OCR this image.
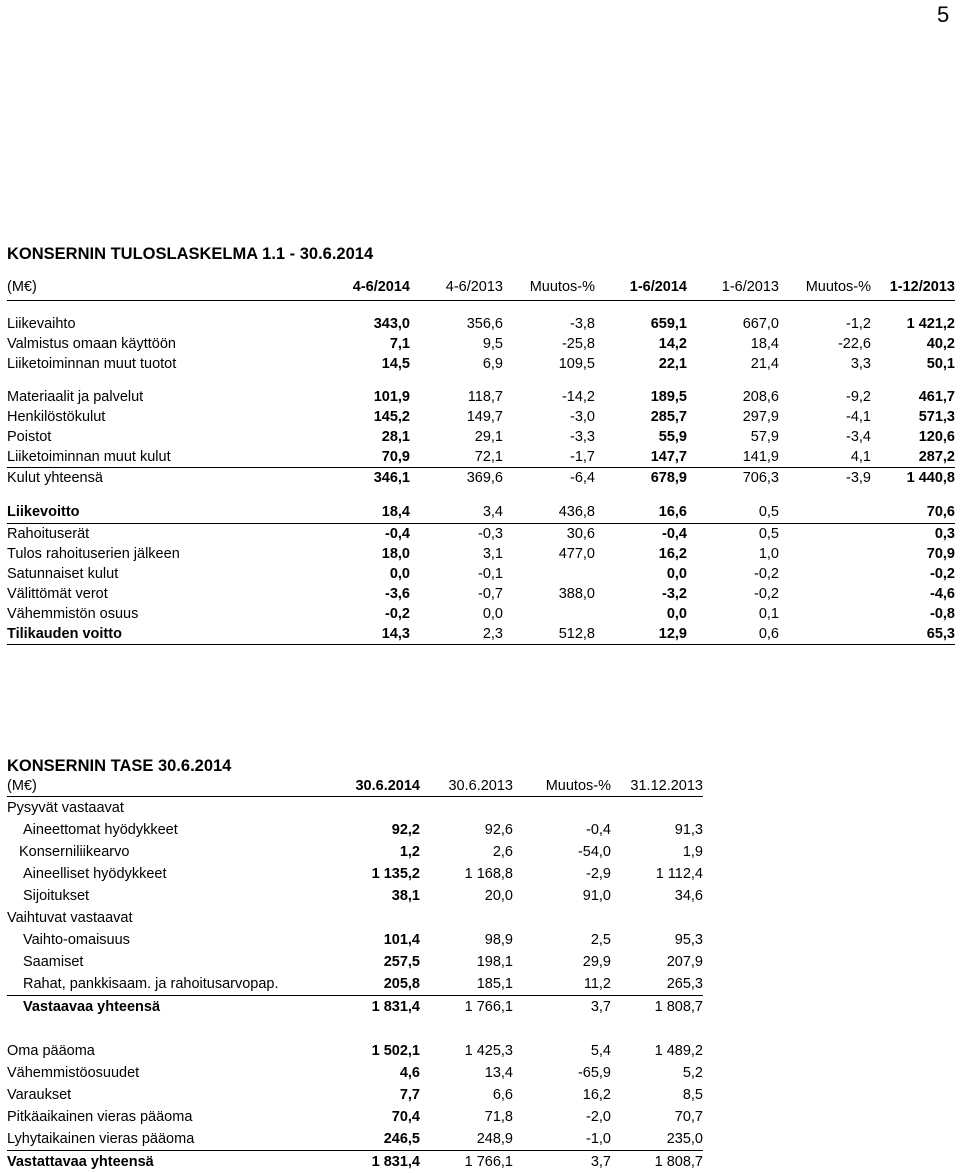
5
KONSERNIN TULOSLASKELMA 1.1 - 30.6.2014
(M€)	4-6/2014	4-6/2013	Muutos-%	1-6/2014	1-6/2013	Muutos-%	1-12/2013

Liikevaihto	343,0	356,6	-3,8	659,1	667,0	-1,2	1 421,2
Valmistus omaan käyttöön	7,1	9,5	-25,8	14,2	18,4	-22,6	40,2
Liiketoiminnan muut tuotot	14,5	6,9	109,5	22,1	21,4	3,3	50,1

Materiaalit ja palvelut	101,9	118,7	-14,2	189,5	208,6	-9,2	461,7
Henkilöstökulut	145,2	149,7	-3,0	285,7	297,9	-4,1	571,3
Poistot	28,1	29,1	-3,3	55,9	57,9	-3,4	120,6
Liiketoiminnan muut kulut	70,9	72,1	-1,7	147,7	141,9	4,1	287,2
Kulut yhteensä	346,1	369,6	-6,4	678,9	706,3	-3,9	1 440,8

Liikevoitto	18,4	3,4	436,8	16,6	0,5		70,6
Rahoituserät	-0,4	-0,3	30,6	-0,4	0,5		0,3
Tulos rahoituserien jälkeen	18,0	3,1	477,0	16,2	1,0		70,9
Satunnaiset kulut	0,0	-0,1		0,0	-0,2		-0,2
Välittömät verot	-3,6	-0,7	388,0	-3,2	-0,2		-4,6
Vähemmistön osuus	-0,2	0,0		0,0	0,1		-0,8
Tilikauden voitto	14,3	2,3	512,8	12,9	0,6		65,3
KONSERNIN TASE 30.6.2014
(M€)	30.6.2014	30.6.2013	Muutos-%	31.12.2013
Pysyvät vastaavat				
Aineettomat hyödykkeet	92,2	92,6	-0,4	91,3
Konserniliikearvo	1,2	2,6	-54,0	1,9
Aineelliset hyödykkeet	1 135,2	1 168,8	-2,9	1 112,4
Sijoitukset	38,1	20,0	91,0	34,6
Vaihtuvat vastaavat				
Vaihto-omaisuus	101,4	98,9	2,5	95,3
Saamiset	257,5	198,1	29,9	207,9
Rahat, pankkisaam. ja rahoitusarvopap.	205,8	185,1	11,2	265,3
Vastaavaa yhteensä	1 831,4	1 766,1	3,7	1 808,7

Oma pääoma	1 502,1	1 425,3	5,4	1 489,2
Vähemmistöosuudet	4,6	13,4	-65,9	5,2
Varaukset	7,7	6,6	16,2	8,5
Pitkäaikainen vieras pääoma	70,4	71,8	-2,0	70,7
Lyhytaikainen vieras pääoma	246,5	248,9	-1,0	235,0
Vastattavaa yhteensä	1 831,4	1 766,1	3,7	1 808,7
